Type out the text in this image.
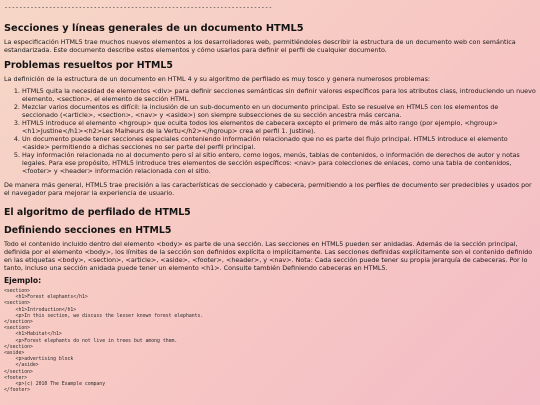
------------------------------------------------------------------------
Secciones y líneas generales de un documento HTML5

La especificación HTML5 trae muchos nuevos elementos a los desarrolladores web, permitiéndoles describir la estructura de un documento web con semántica estandarizada. Este documento describe estos elementos y cómo usarlos para definir el perfil de cualquier documento.

Problemas resueltos por HTML5

La definición de la estructura de un documento en HTML 4 y su algoritmo de perfilado es muy tosco y genera numerosos problemas:

1. HTML5 quita la necesidad de elementos <div> para definir secciones semánticas sin definir valores específicos para los atributos class, introduciendo un nuevo elemento, <section>, el elemento de sección HTML.
2. Mezclar varios documentos es difícil: la inclusión de un sub-documento en un documento principal. Esto se resuelve en HTML5 con los elementos de seccionado (<article>, <section>, <nav> y <aside>) son siempre subsecciones de su sección ancestra más cercana.
3. HTML5 introduce el elemento <hgroup> que oculta todos los elementos de cabecera excepto el primero de más alto rango (por ejemplo, <hgroup><h1>Justine</h1><h2>Les Malheurs de la Vertu</h2></hgroup> crea el perfil 1. Justine).
4. Un documento puede tener secciones especiales conteniendo información relacionado que no es parte del flujo principal. HTML5 introduce el elemento <aside> permitiendo a dichas secciones no ser parte del perfil principal.
5. Hay información relacionada no al documento pero sí al sitio entero, como logos, menús, tablas de contenidos, o información de derechos de autor y notas legales. Para ese propósito, HTML5 introduce tres elementos de sección específicos: <nav> para colecciones de enlaces, como una tabla de contenidos, <footer> y <header> información relacionada con el sitio.

De manera más general, HTML5 trae precisión a las características de seccionado y cabecera, permitiendo a los perfiles de documento ser predecibles y usados por el navegador para mejorar la experiencia de usuario.

El algoritmo de perfilado de HTML5
Definiendo secciones en HTML5

Todo el contenido incluido dentro del elemento <body> es parte de una sección. Las secciones en HTML5 pueden ser anidadas. Además de la sección principal, definida por el elemento <body>, los límites de la sección son definidos explícita o implícitamente. Las secciones definidas explícitamente son el contenido definido en las etiquetas <body>, <section>, <article>, <aside>, <footer>, <header>, y <nav>. Nota: Cada sección puede tener su propia jerarquía de cabeceras. Por lo tanto, incluso una sección anidada puede tener un elemento <h1>. Consulte también Definiendo cabeceras en HTML5.

Ejemplo:
<section>
<h1>Forest elephants</h1>
<section>
<h1>Introduction</h1>
<p>In this section, we discuss the lesser known forest elephants.
</section>
<section>
<h1>Habitat</h1>
<p>Forest elephants do not live in trees but among them.
</section>
<aside>
<p>advertising block
</aside>
</section>
<footer>
<p>(c) 2010 The Example company
</footer>
